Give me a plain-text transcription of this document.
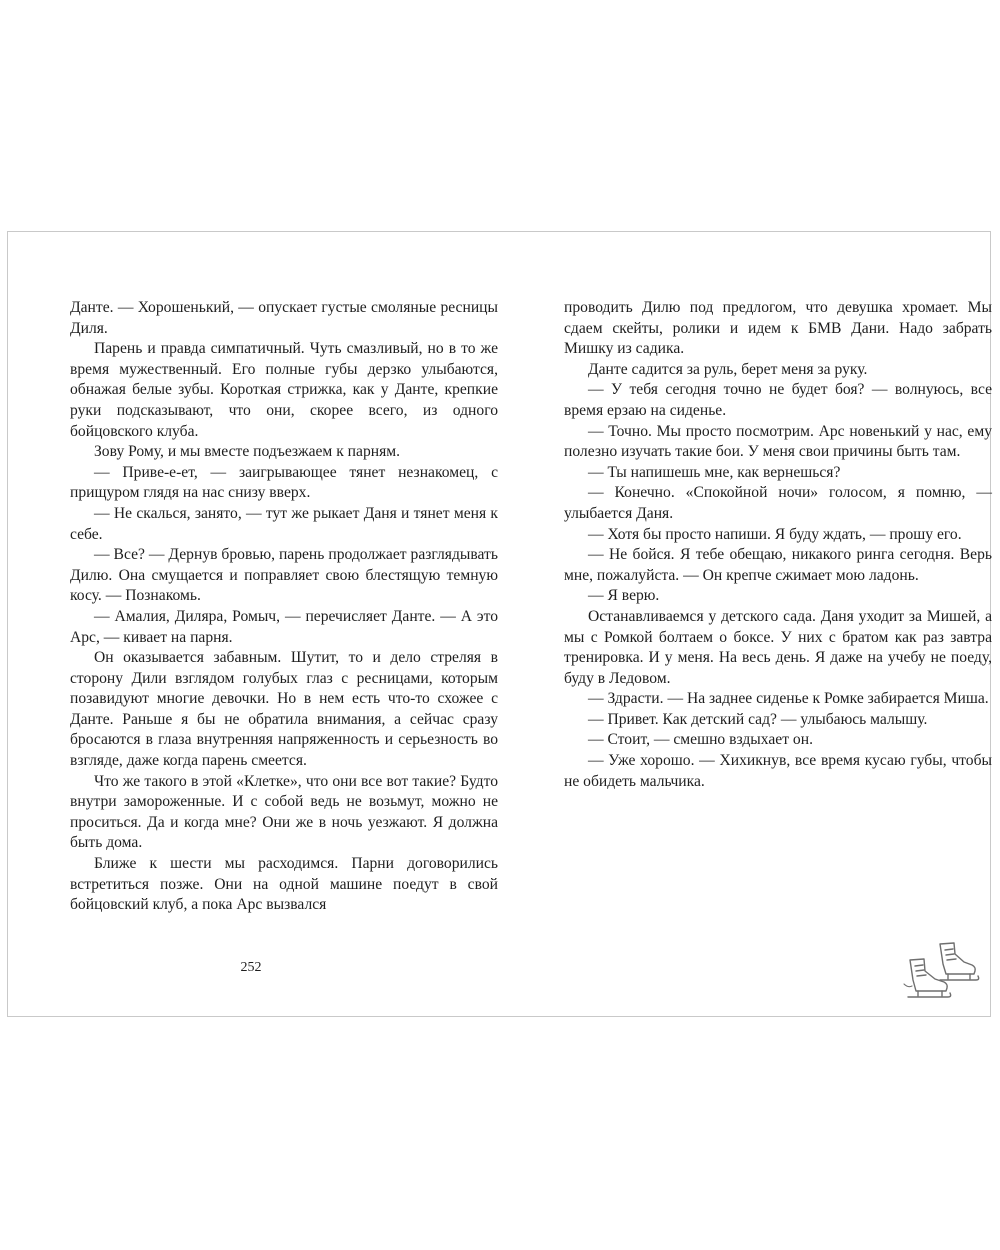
Данте. — Хорошенький, — опускает густые смоляные ресницы Диля.

Парень и правда симпатичный. Чуть смазливый, но в то же время мужественный. Его полные губы дерзко улыбаются, обнажая белые зубы. Короткая стрижка, как у Данте, крепкие руки подсказывают, что они, скорее всего, из одного бойцовского клуба.

Зову Рому, и мы вместе подъезжаем к парням.

— Приве-е-ет, — заигрывающее тянет незнакомец, с прищуром глядя на нас снизу вверх.

— Не скалься, занято, — тут же рыкает Даня и тянет меня к себе.

— Все? — Дернув бровью, парень продолжает разглядывать Дилю. Она смущается и поправляет свою блестящую темную косу. — Познакомь.

— Амалия, Диляра, Ромыч, — перечисляет Данте. — А это Арс, — кивает на парня.

Он оказывается забавным. Шутит, то и дело стреляя в сторону Дили взглядом голубых глаз с ресницами, которым позавидуют многие девочки. Но в нем есть что-то схожее с Данте. Раньше я бы не обратила внимания, а сейчас сразу бросаются в глаза внутренняя напряженность и серьезность во взгляде, даже когда парень смеется.

Что же такого в этой «Клетке», что они все вот такие? Будто внутри замороженные. И с собой ведь не возьмут, можно не проситься. Да и когда мне? Они же в ночь уезжают. Я должна быть дома.

Ближе к шести мы расходимся. Парни договорились встретиться позже. Они на одной машине поедут в свой бойцовский клуб, а пока Арс вызвался

252

проводить Дилю под предлогом, что девушка хромает. Мы сдаем скейты, ролики и идем к БМВ Дани. Надо забрать Мишку из садика.

Данте садится за руль, берет меня за руку.

— У тебя сегодня точно не будет боя? — волнуюсь, все время ерзаю на сиденье.

— Точно. Мы просто посмотрим. Арс новенький у нас, ему полезно изучать такие бои. У меня свои причины быть там.

— Ты напишешь мне, как вернешься?

— Конечно. «Спокойной ночи» голосом, я помню, — улыбается Даня.

— Хотя бы просто напиши. Я буду ждать, — прошу его.

— Не бойся. Я тебе обещаю, никакого ринга сегодня. Верь мне, пожалуйста. — Он крепче сжимает мою ладонь.

— Я верю.

Останавливаемся у детского сада. Даня уходит за Мишей, а мы с Ромкой болтаем о боксе. У них с братом как раз завтра тренировка. И у меня. На весь день. Я даже на учебу не поеду, буду в Ледовом.

— Здрасти. — На заднее сиденье к Ромке забирается Миша.

— Привет. Как детский сад? — улыбаюсь малышу.

— Стоит, — смешно вздыхает он.

— Уже хорошо. — Хихикнув, все время кусаю губы, чтобы не обидеть мальчика.
